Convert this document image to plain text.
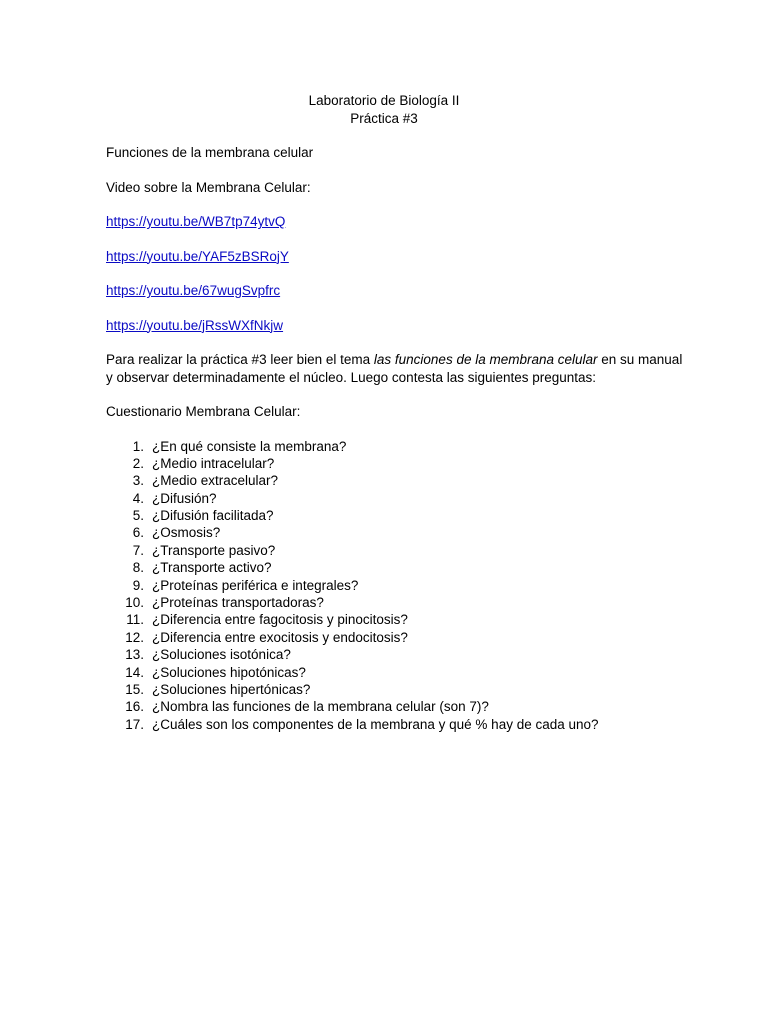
Laboratorio de Biología II
Práctica #3
Funciones de la membrana celular
Video sobre la Membrana Celular:
https://youtu.be/WB7tp74ytvQ
https://youtu.be/YAF5zBSRojY
https://youtu.be/67wugSvpfrc
https://youtu.be/jRssWXfNkjw
Para realizar la práctica #3 leer bien el tema las funciones de la membrana celular en su manual y observar determinadamente el núcleo. Luego contesta las siguientes preguntas:
Cuestionario Membrana Celular:
1. ¿En qué consiste la membrana?
2. ¿Medio intracelular?
3. ¿Medio extracelular?
4. ¿Difusión?
5. ¿Difusión facilitada?
6. ¿Osmosis?
7. ¿Transporte pasivo?
8. ¿Transporte activo?
9. ¿Proteínas periférica e integrales?
10. ¿Proteínas transportadoras?
11. ¿Diferencia entre fagocitosis y pinocitosis?
12. ¿Diferencia entre exocitosis y endocitosis?
13. ¿Soluciones isotónica?
14. ¿Soluciones hipotónicas?
15. ¿Soluciones hipertónicas?
16. ¿Nombra las funciones de la membrana celular (son 7)?
17. ¿Cuáles son los componentes de la membrana y qué % hay de cada uno?
